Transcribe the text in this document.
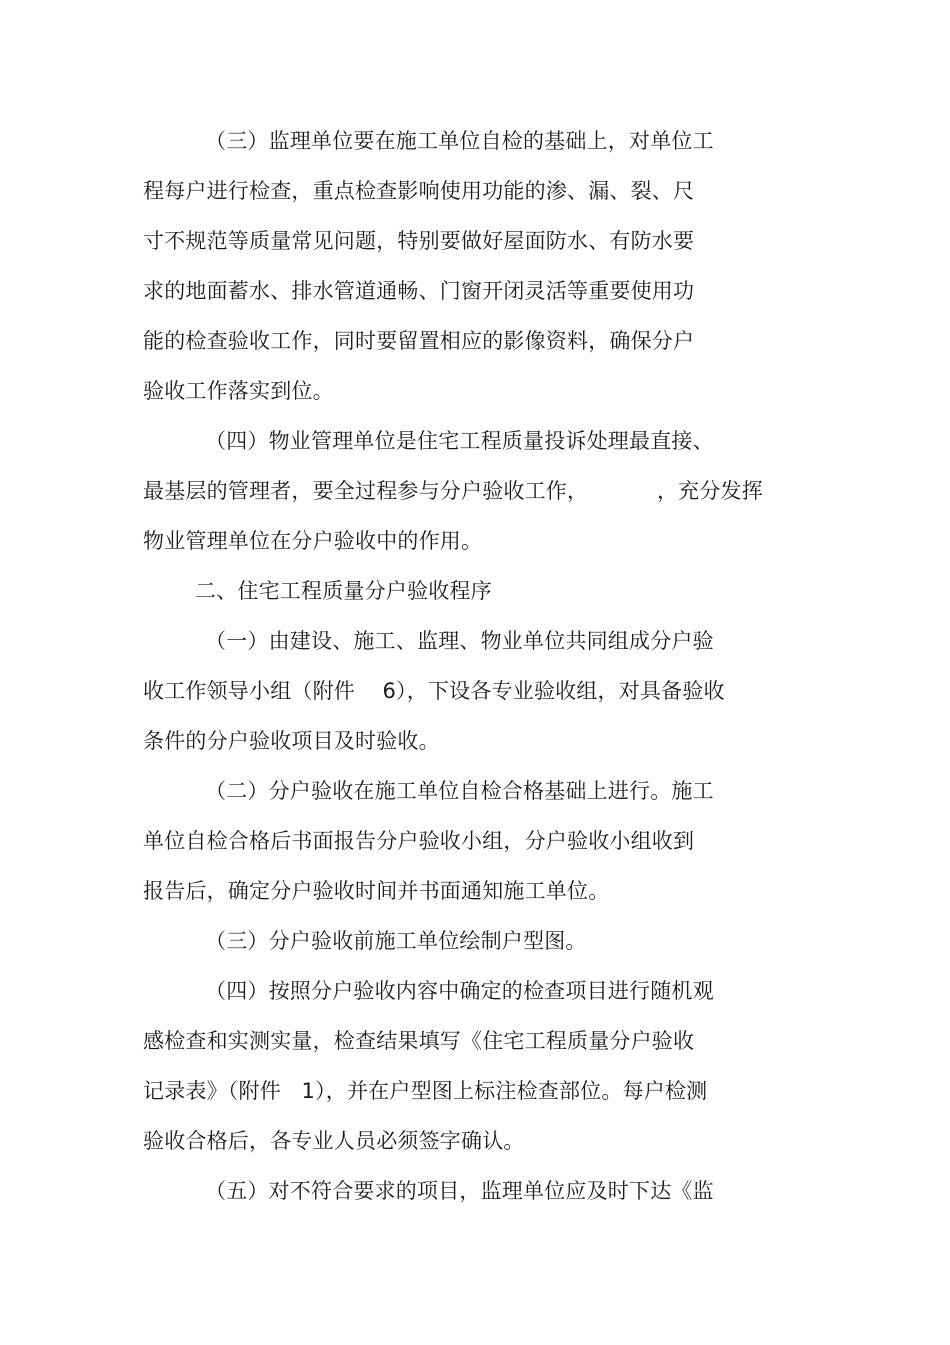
（三）监理单位要在施工单位自检的基础上，对单位工
程每户进行检查，重点检查影响使用功能的渗、漏、裂、尺
寸不规范等质量常见问题，特别要做好屋面防水、有防水要
求的地面蓄水、排水管道通畅、门窗开闭灵活等重要使用功
能的检查验收工作，同时要留置相应的影像资料，确保分户
验收工作落实到位。
（四）物业管理单位是住宅工程质量投诉处理最直接、
最基层的管理者，要全过程参与分户验收工作，          ，充分发挥
物业管理单位在分户验收中的作用。
二、住宅工程质量分户验收程序
（一）由建设、施工、监理、物业单位共同组成分户验
收工作领导小组（附件    6），下设各专业验收组，对具备验收
条件的分户验收项目及时验收。
（二）分户验收在施工单位自检合格基础上进行。施工
单位自检合格后书面报告分户验收小组，分户验收小组收到
报告后，确定分户验收时间并书面通知施工单位。
（三）分户验收前施工单位绘制户型图。
（四）按照分户验收内容中确定的检查项目进行随机观
感检查和实测实量，检查结果填写《住宅工程质量分户验收
记录表》（附件   1），并在户型图上标注检查部位。每户检测
验收合格后，各专业人员必须签字确认。
（五）对不符合要求的项目，监理单位应及时下达《监
